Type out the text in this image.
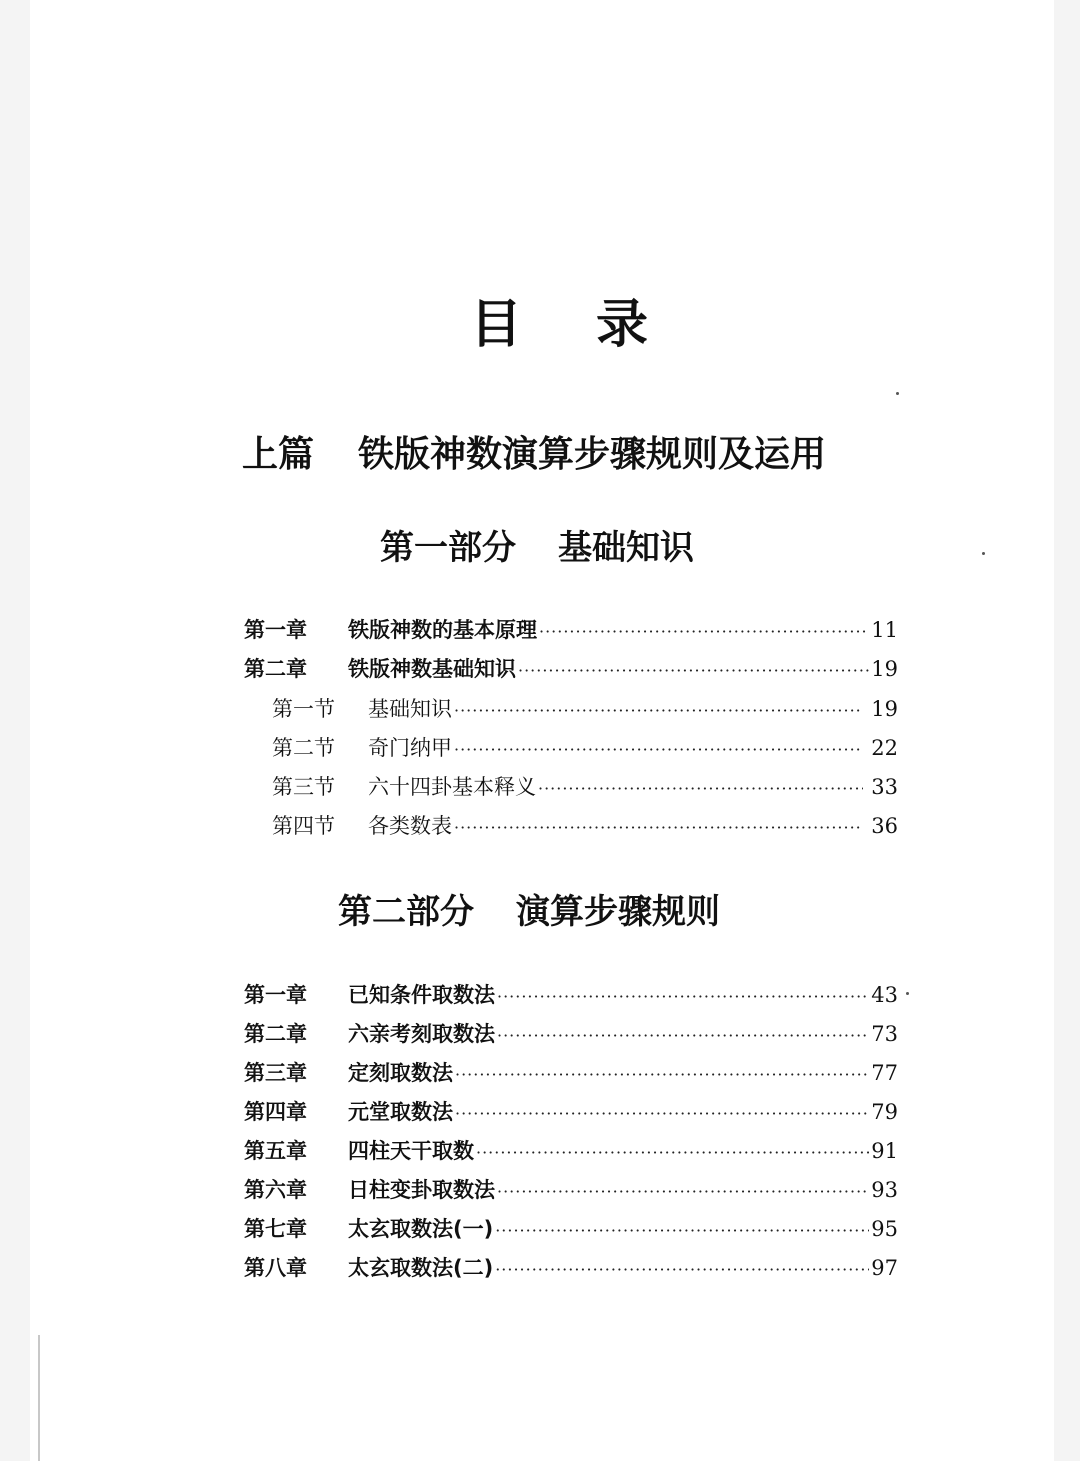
目 录
上篇 铁版神数演算步骤规则及运用
第一部分 基础知识
第一章	铁版神数的基本原理 ·····	11
第二章	铁版神数基础知识 ·····	19
第一节	基础知识 ·····	19
第二节	奇门纳甲 ·····	22
第三节	六十四卦基本释义 ·····	33
第四节	各类数表 ·····	36
第二部分 演算步骤规则
第一章	已知条件取数法 ·····	43
第二章	六亲考刻取数法 ·····	73
第三章	定刻取数法 ·····	77
第四章	元堂取数法 ·····	79
第五章	四柱天干取数 ·····	91
第六章	日柱变卦取数法 ·····	93
第七章	太玄取数法(一) ·····	95
第八章	太玄取数法(二) ·····	97
